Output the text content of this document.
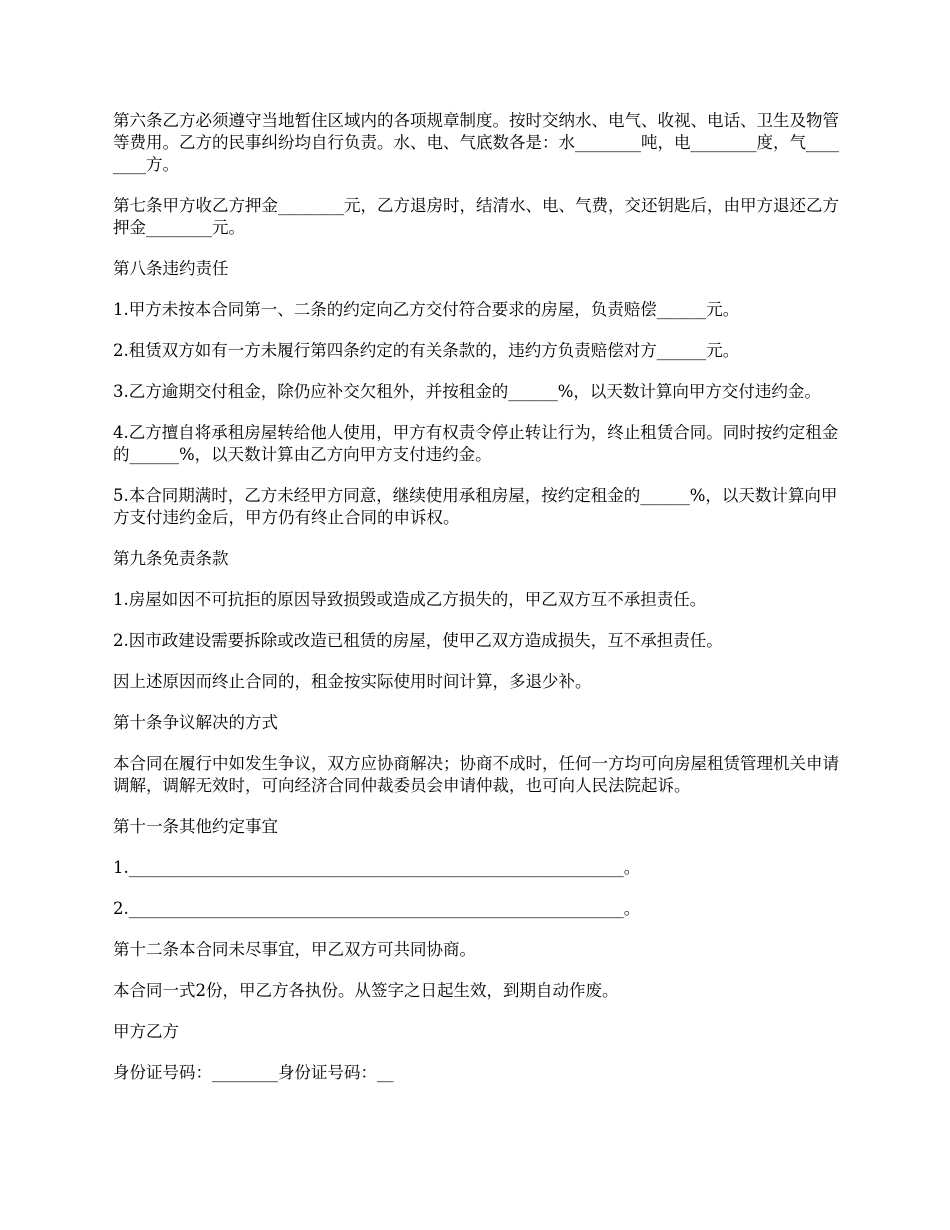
第六条乙方必须遵守当地暂住区域内的各项规章制度。按时交纳水、电气、收视、电话、卫生及物管等费用。乙方的民事纠纷均自行负责。水、电、气底数各是：水________吨，电________度，气________方。

第七条甲方收乙方押金________元，乙方退房时，结清水、电、气费，交还钥匙后，由甲方退还乙方押金________元。

第八条违约责任

1.甲方未按本合同第一、二条的约定向乙方交付符合要求的房屋，负责赔偿______元。

2.租赁双方如有一方未履行第四条约定的有关条款的，违约方负责赔偿对方______元。

3.乙方逾期交付租金，除仍应补交欠租外，并按租金的______%，以天数计算向甲方交付违约金。

4.乙方擅自将承租房屋转给他人使用，甲方有权责令停止转让行为，终止租赁合同。同时按约定租金的______%，以天数计算由乙方向甲方支付违约金。

5.本合同期满时，乙方未经甲方同意，继续使用承租房屋，按约定租金的______%，以天数计算向甲方支付违约金后，甲方仍有终止合同的申诉权。

第九条免责条款

1.房屋如因不可抗拒的原因导致损毁或造成乙方损失的，甲乙双方互不承担责任。

2.因市政建设需要拆除或改造已租赁的房屋，使甲乙双方造成损失，互不承担责任。

因上述原因而终止合同的，租金按实际使用时间计算，多退少补。

第十条争议解决的方式

本合同在履行中如发生争议，双方应协商解决；协商不成时，任何一方均可向房屋租赁管理机关申请调解，调解无效时，可向经济合同仲裁委员会申请仲裁，也可向人民法院起诉。

第十一条其他约定事宜

1.____________________________________________________________。

2.____________________________________________________________。

第十二条本合同未尽事宜，甲乙双方可共同协商。

本合同一式2份，甲乙方各执份。从签字之日起生效，到期自动作废。

甲方乙方

身份证号码：________身份证号码：__
